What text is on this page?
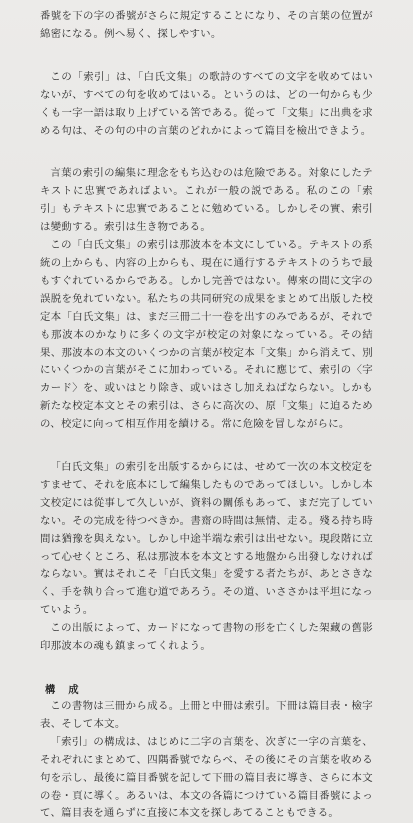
番號を下の字の番號がさらに規定することになり、その言葉の位置が綿密になる。例へ易く、探しやすい。

この「索引」は、「白氏文集」の歌詩のすべての文字を收めてはいないが、すべての句を收めてはいる。というのは、どの一句からも少くも一字一語は取り上げている筈である。從って「文集」に出典を求める句は、その句の中の言葉のどれかによって篇目を檢出できよう。

言葉の索引の編集に理念をもち込むのは危險である。対象にしたテキストに忠實であればよい。これが一般の説である。私のこの「索引」もテキストに忠實であることに勉めている。しかしその實、索引は變動する。索引は生き物である。

この「白氏文集」の索引は那波本を本文にしている。テキストの系統の上からも、内容の上からも、現在に通行するテキストのうちで最もすぐれているからである。しかし完善ではない。傳來の間に文字の誤脱を免れていない。私たちの共同研究の成果をまとめて出版した校定本「白氏文集」は、まだ三冊二十一卷を出すのみであるが、それでも那波本のかなりに多くの文字が校定の対象になっている。その結果、那波本の本文のいくつかの言葉が校定本「文集」から消えて、別にいくつかの言葉がそこに加わっている。それに應じて、索引の〈字カード〉を、或いはとり除き、或いはさし加えねばならない。しかも新たな校定本文とその索引は、さらに高次の、原「文集」に迫るための、校定に向って相互作用を續ける。常に危險を冒しながらに。

「白氏文集」の索引を出版するからには、せめて一次の本文校定をすませて、それを底本にして編集したものであってほしい。しかし本文校定には從事して久しいが、資料の關係もあって、まだ完了していない。その完成を待つべきか。書齋の時間は無情、走る。殘る持ち時間は猶豫を與えない。しかし中途半端な索引は出せない。現段階に立って心せくところ、私は那波本を本文とする地盤から出發しなければならない。實はそれこそ「白氏文集」を愛する者たちが、あとさきなく、手を執り合って進む道であろう。その道、いささかは平坦になっていよう。

この出版によって、カードになって書物の形を亡くした架藏の舊影印那波本の魂も鎮まってくれよう。

構　成

この書物は三冊から成る。上冊と中冊は索引。下冊は篇目表・檢字表、そして本文。

「索引」の構成は、はじめに二字の言葉を、次ぎに一字の言葉を、それぞれにまとめて、四隅番號でならべ、その後にその言葉を收める句を示し、最後に篇目番號を記して下冊の篇目表に導き、さらに本文の卷・頁に導く。あるいは、本文の各篇につけている篇目番號によって、篇目表を通らずに直接に本文を探しあてることもできる。
